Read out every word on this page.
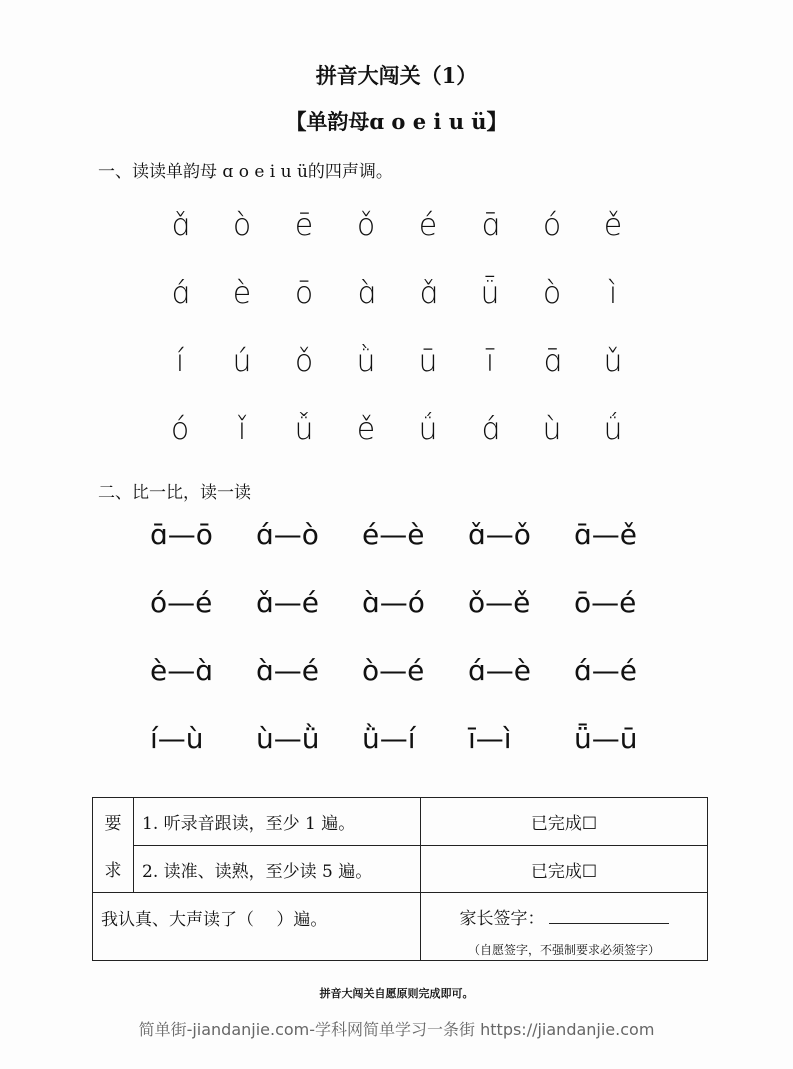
拼音大闯关（1）
【单韵母ɑ o e i u ü】
一、读读单韵母 ɑ o e i u ü的四声调。
ɑ̌	ò	ē	ǒ	é	ɑ̄	ó	ě
ɑ́	è	ō	ɑ̀	ɑ̌	ǖ	ò	ì
í	ú	ǒ	ǜ	ū	ī	ɑ̄	ǔ
ó	ǐ	ǚ	ě	ǘ	ɑ́	ù	ǘ
二、比一比，读一读
ɑ̄—ō ɑ́—ò é—è ɑ̌—ǒ ɑ̄—ě
ó—é ɑ̌—é ɑ̀—ó ǒ—ě ō—é
è—ɑ̀ ɑ̀—é ò—é ɑ́—è ɑ́—é
í—ù ù—ǜ ǜ—í ī—ì ǖ—ū
要	1. 听录音跟读，至少 1 遍。	已完成☐
求	2. 读准、读熟，至少读 5 遍。	已完成☐
我认真、大声读了（　 ）遍。		家长签字：
（自愿签字，不强制要求必须签字）
拼音大闯关自愿原则完成即可。
简单街-jiandanjie.com-学科网简单学习一条街 https://jiandanjie.com
